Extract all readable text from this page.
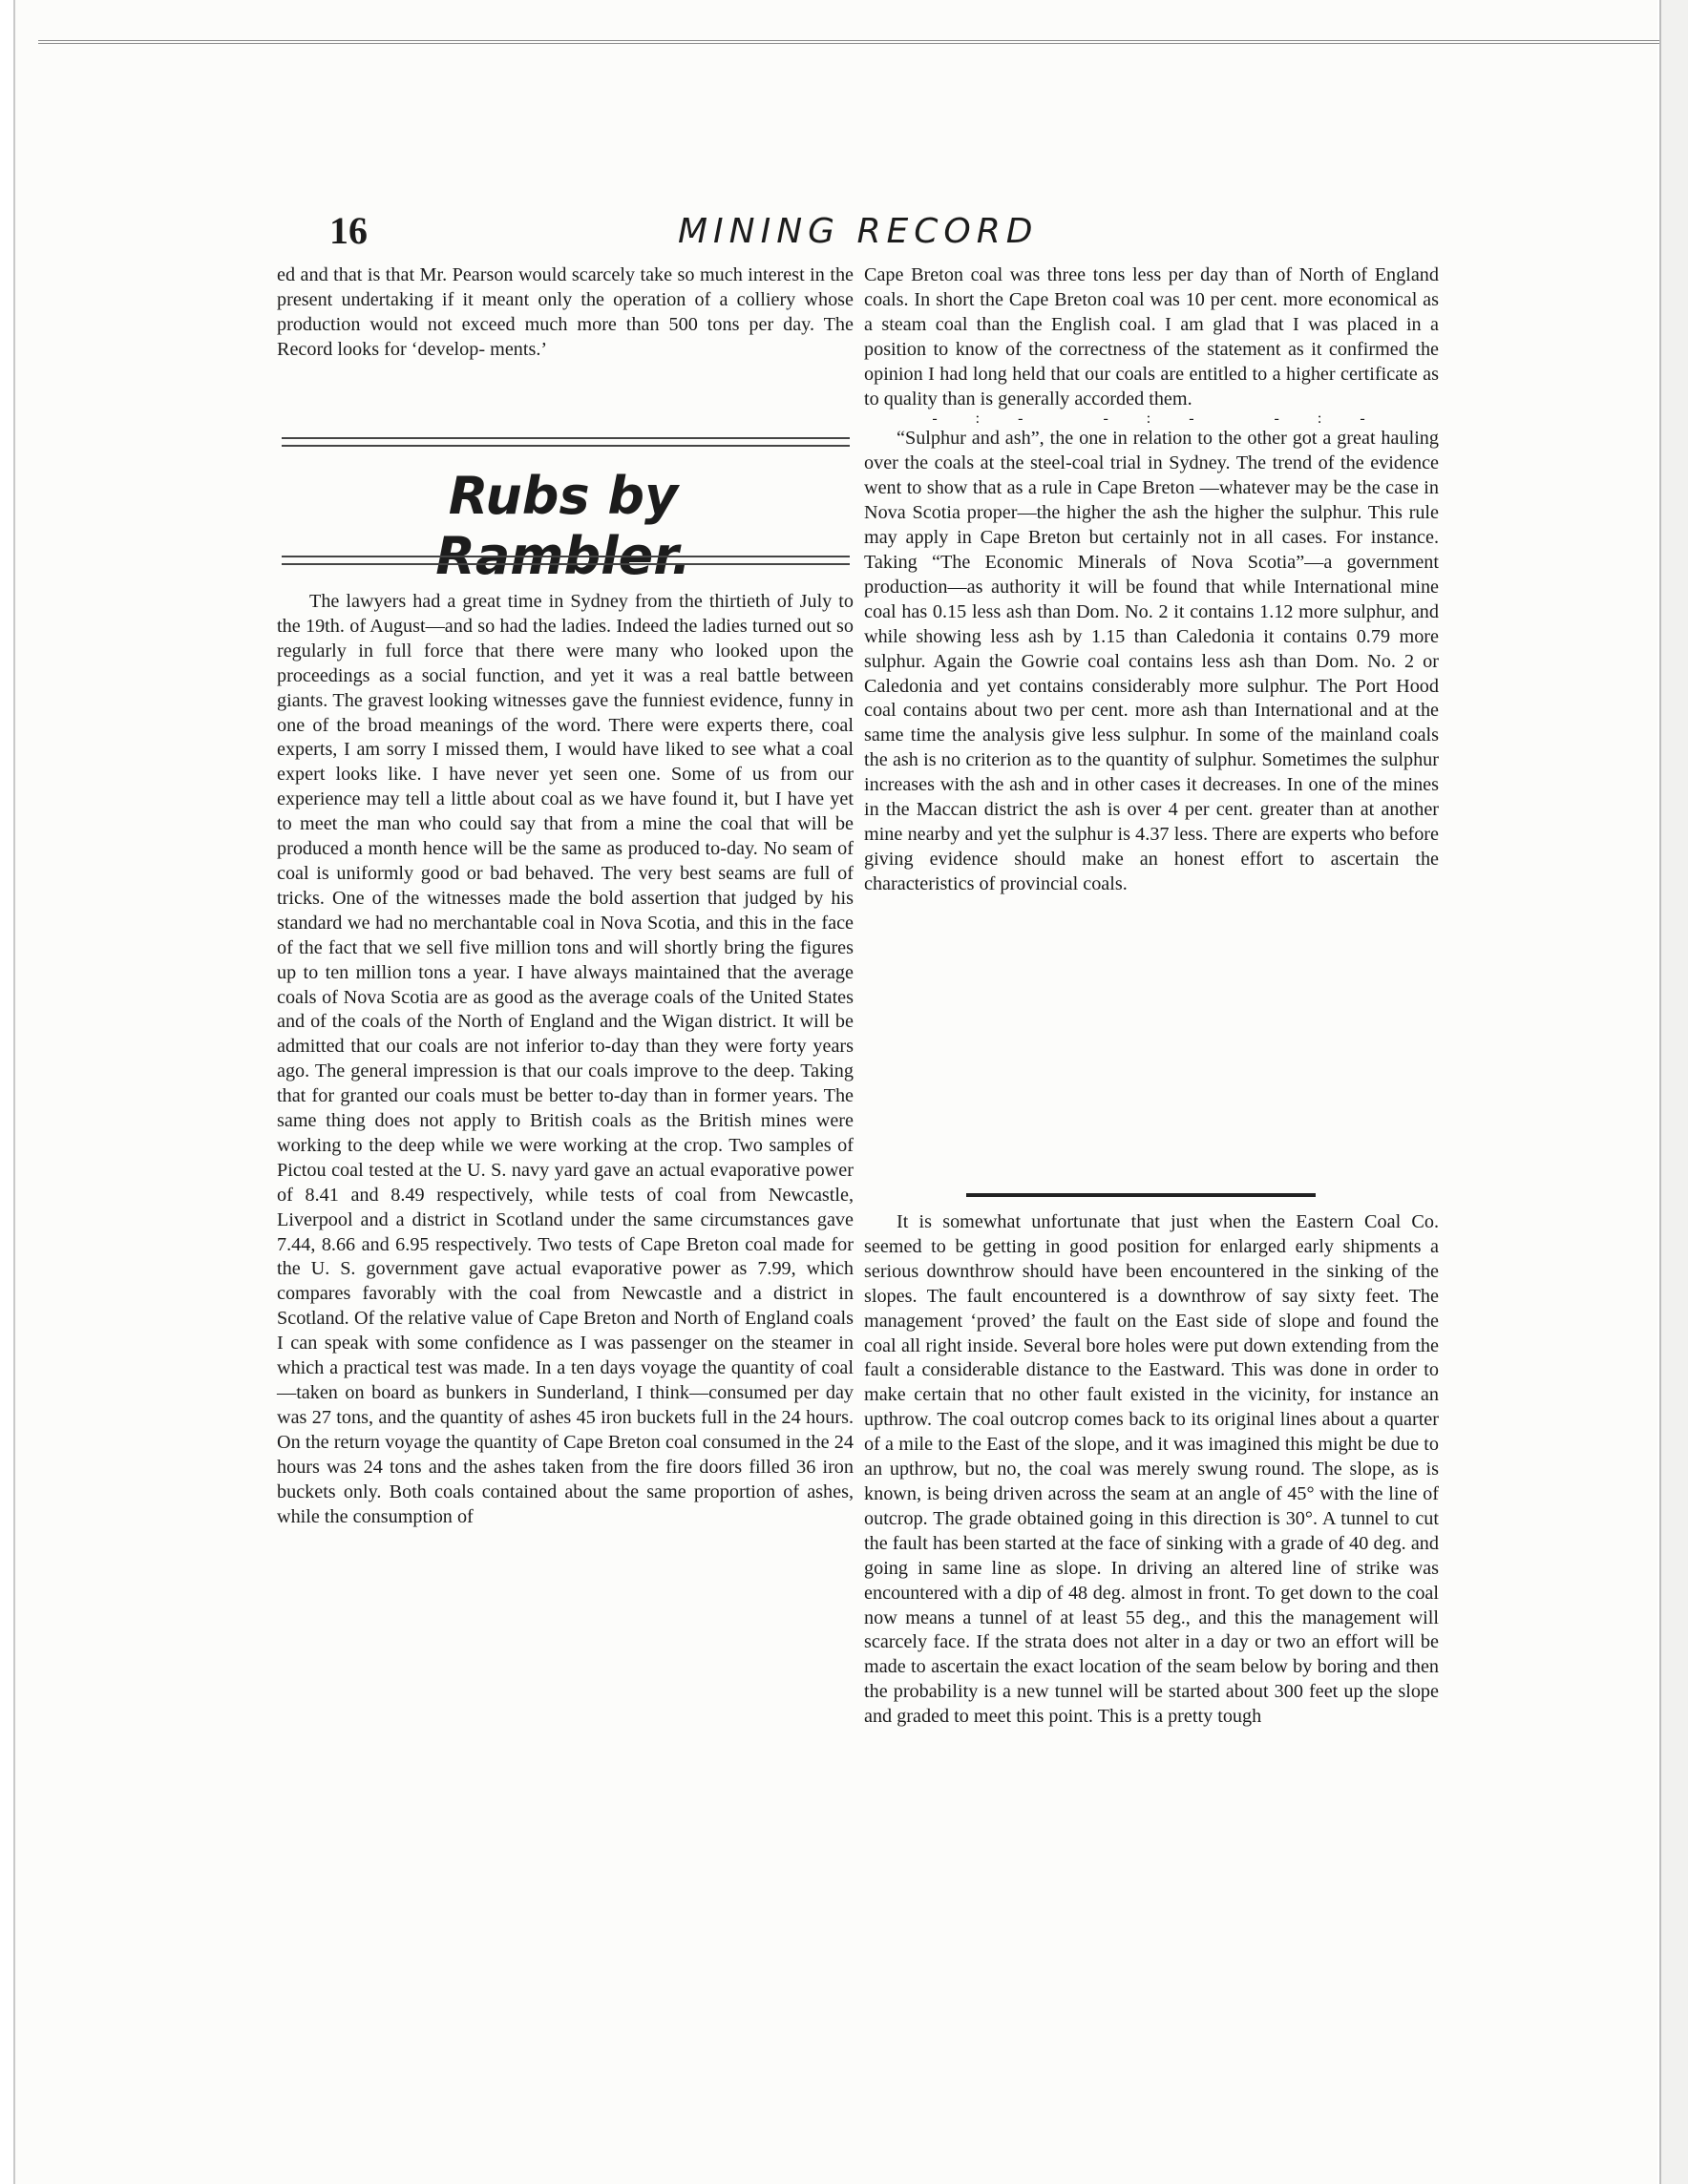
16	MINING RECORD

ed and that is that Mr. Pearson would scarcely take so much interest in the present undertaking if it meant only the operation of a colliery whose production would not exceed much more than 500 tons per day. The Record looks for ‘develop- ments.’

Rubs by Rambler.

The lawyers had a great time in Sydney from the thirtieth of July to the 19th. of August—and so had the ladies. Indeed the ladies turned out so regularly in full force that there were many who looked upon the proceedings as a social function, and yet it was a real battle between giants. The gravest looking witnesses gave the funniest evidence, funny in one of the broad meanings of the word. There were experts there, coal experts, I am sorry I missed them, I would have liked to see what a coal expert looks like. I have never yet seen one. Some of us from our experience may tell a little about coal as we have found it, but I have yet to meet the man who could say that from a mine the coal that will be produced a month hence will be the same as produced to-day. No seam of coal is uniformly good or bad behaved. The very best seams are full of tricks. One of the witnesses made the bold assertion that judged by his standard we had no merchantable coal in Nova Scotia, and this in the face of the fact that we sell five million tons and will shortly bring the figures up to ten million tons a year. I have always maintained that the average coals of Nova Scotia are as good as the average coals of the United States and of the coals of the North of England and the Wigan district. It will be admitted that our coals are not inferior to-day than they were forty years ago. The general impression is that our coals improve to the deep. Taking that for granted our coals must be better to-day than in former years. The same thing does not apply to British coals as the British mines were working to the deep while we were working at the crop. Two samples of Pictou coal tested at the U. S. navy yard gave an actual evaporative power of 8.41 and 8.49 respectively, while tests of coal from Newcastle, Liverpool and a district in Scotland under the same circumstances gave 7.44, 8.66 and 6.95 respectively. Two tests of Cape Breton coal made for the U. S. government gave actual evaporative power as 7.99, which compares favorably with the coal from Newcastle and a district in Scotland. Of the relative value of Cape Breton and North of England coals I can speak with some confidence as I was passenger on the steamer in which a practical test was made. In a ten days voyage the quantity of coal—taken on board as bunkers in Sunderland, I think—consumed per day was 27 tons, and the quantity of ashes 45 iron buckets full in the 24 hours. On the return voyage the quantity of Cape Breton coal consumed in the 24 hours was 24 tons and the ashes taken from the fire doors filled 36 iron buckets only. Both coals contained about the same proportion of ashes, while the consumption of

Cape Breton coal was three tons less per day than of North of England coals. In short the Cape Breton coal was 10 per cent. more economical as a steam coal than the English coal. I am glad that I was placed in a position to know of the correctness of the statement as it confirmed the opinion I had long held that our coals are entitled to a higher certificate as to quality than is generally accorded them.

-:- -:- -:-

“Sulphur and ash”, the one in relation to the other got a great hauling over the coals at the steel-coal trial in Sydney. The trend of the evidence went to show that as a rule in Cape Breton —whatever may be the case in Nova Scotia proper—the higher the ash the higher the sulphur. This rule may apply in Cape Breton but certainly not in all cases. For instance. Taking “The Economic Minerals of Nova Scotia”—a government production—as authority it will be found that while International mine coal has 0.15 less ash than Dom. No. 2 it contains 1.12 more sulphur, and while showing less ash by 1.15 than Caledonia it contains 0.79 more sulphur. Again the Gowrie coal contains less ash than Dom. No. 2 or Caledonia and yet contains considerably more sulphur. The Port Hood coal contains about two per cent. more ash than International and at the same time the analysis give less sulphur. In some of the mainland coals the ash is no criterion as to the quantity of sulphur. Sometimes the sulphur increases with the ash and in other cases it decreases. In one of the mines in the Maccan district the ash is over 4 per cent. greater than at another mine nearby and yet the sulphur is 4.37 less. There are experts who before giving evidence should make an honest effort to ascertain the characteristics of provincial coals.

It is somewhat unfortunate that just when the Eastern Coal Co. seemed to be getting in good position for enlarged early shipments a serious downthrow should have been encountered in the sinking of the slopes. The fault encountered is a downthrow of say sixty feet. The management ‘proved’ the fault on the East side of slope and found the coal all right inside. Several bore holes were put down extending from the fault a considerable distance to the Eastward. This was done in order to make certain that no other fault existed in the vicinity, for instance an upthrow. The coal outcrop comes back to its original lines about a quarter of a mile to the East of the slope, and it was imagined this might be due to an upthrow, but no, the coal was merely swung round. The slope, as is known, is being driven across the seam at an angle of 45° with the line of outcrop. The grade obtained going in this direction is 30°. A tunnel to cut the fault has been started at the face of sinking with a grade of 40 deg. and going in same line as slope. In driving an altered line of strike was encountered with a dip of 48 deg. almost in front. To get down to the coal now means a tunnel of at least 55 deg., and this the management will scarcely face. If the strata does not alter in a day or two an effort will be made to ascertain the exact location of the seam below by boring and then the probability is a new tunnel will be started about 300 feet up the slope and graded to meet this point. This is a pretty tough
